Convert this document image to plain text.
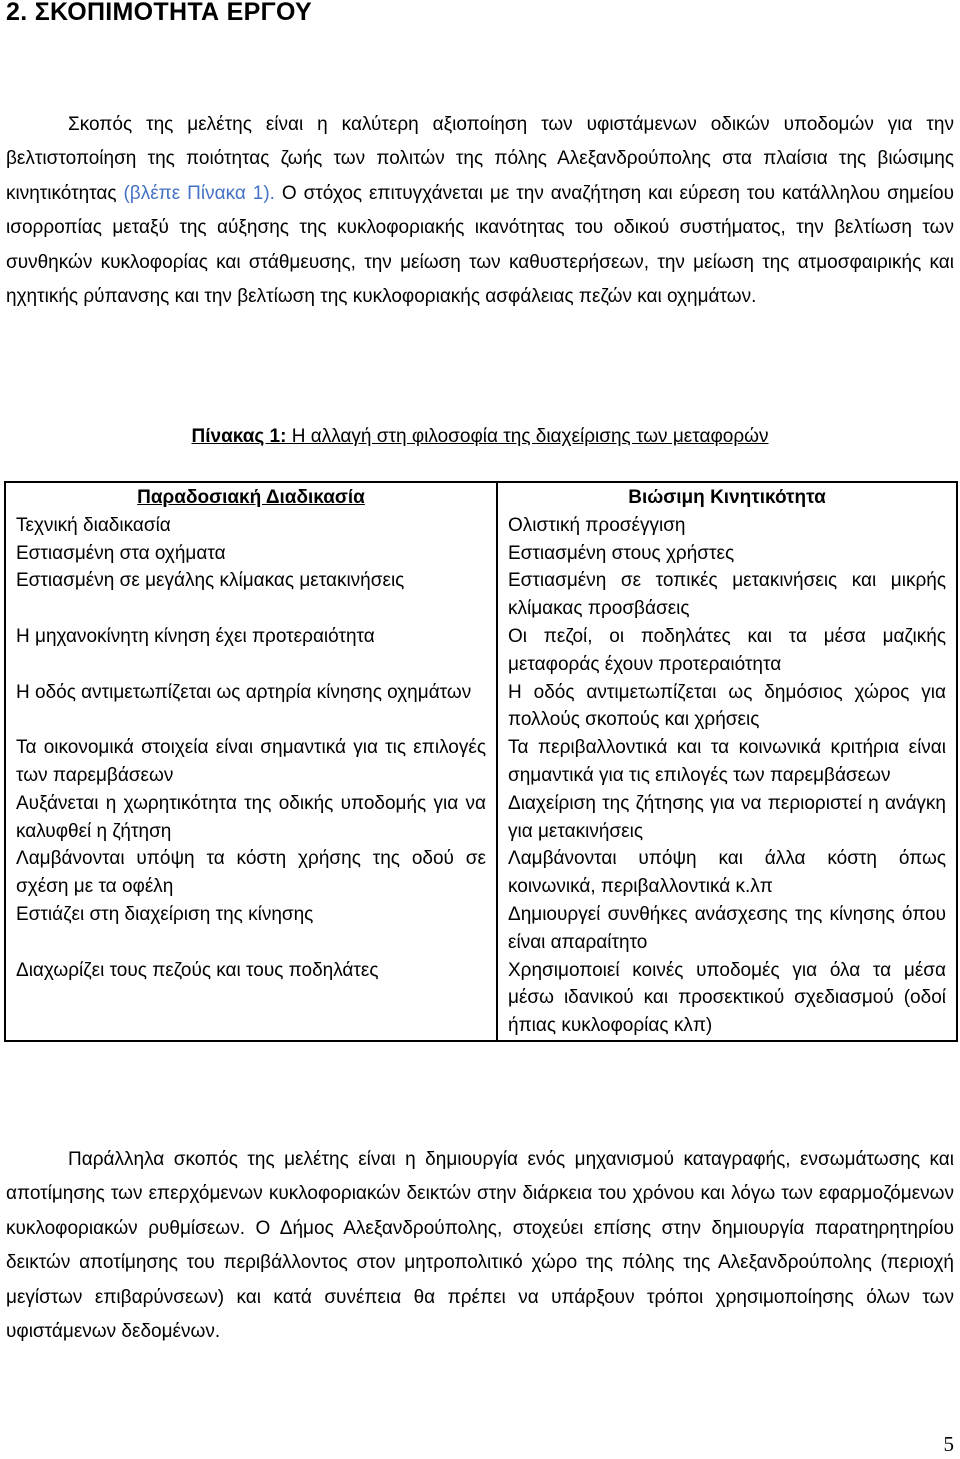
2. ΣΚΟΠΙΜΟΤΗΤΑ ΕΡΓΟΥ

Σκοπός της μελέτης είναι η καλύτερη αξιοποίηση των υφιστάμενων οδικών υποδομών για την βελτιστοποίηση της ποιότητας ζωής των πολιτών της πόλης Αλεξανδρούπολης στα πλαίσια της βιώσιμης κινητικότητας (βλέπε Πίνακα 1). Ο στόχος επιτυγχάνεται με την αναζήτηση και εύρεση του κατάλληλου σημείου ισορροπίας μεταξύ της αύξησης της κυκλοφοριακής ικανότητας του οδικού συστήματος, την βελτίωση των συνθηκών κυκλοφορίας και στάθμευσης, την μείωση των καθυστερήσεων, την μείωση της ατμοσφαιρικής και ηχητικής ρύπανσης και την βελτίωση της κυκλοφοριακής ασφάλειας πεζών και οχημάτων.

Πίνακας 1: Η αλλαγή στη φιλοσοφία της διαχείρισης των μεταφορών

Παραδοσιακή Διαδικασία	Βιώσιμη Κινητικότητα
Τεχνική διαδικασία	Ολιστική προσέγγιση
Εστιασμένη στα οχήματα	Εστιασμένη στους χρήστες
Εστιασμένη σε μεγάλης κλίμακας μετακινήσεις	Εστιασμένη σε τοπικές μετακινήσεις και μικρής κλίμακας προσβάσεις
Η μηχανοκίνητη κίνηση έχει προτεραιότητα	Οι πεζοί, οι ποδηλάτες και τα μέσα μαζικής μεταφοράς έχουν προτεραιότητα
Η οδός αντιμετωπίζεται ως αρτηρία κίνησης οχημάτων	Η οδός αντιμετωπίζεται ως δημόσιος χώρος για πολλούς σκοπούς και χρήσεις
Τα οικονομικά στοιχεία είναι σημαντικά για τις επιλογές των παρεμβάσεων	Τα περιβαλλοντικά και τα κοινωνικά κριτήρια είναι σημαντικά για τις επιλογές των παρεμβάσεων
Αυξάνεται η χωρητικότητα της οδικής υποδομής για να καλυφθεί η ζήτηση	Διαχείριση της ζήτησης για να περιοριστεί η ανάγκη για μετακινήσεις
Λαμβάνονται υπόψη τα κόστη χρήσης της οδού σε σχέση με τα οφέλη	Λαμβάνονται υπόψη και άλλα κόστη όπως κοινωνικά, περιβαλλοντικά κ.λπ
Εστιάζει στη διαχείριση της κίνησης	Δημιουργεί συνθήκες ανάσχεσης της κίνησης όπου είναι απαραίτητο
Διαχωρίζει τους πεζούς και τους ποδηλάτες	Χρησιμοποιεί κοινές υποδομές για όλα τα μέσα μέσω ιδανικού και προσεκτικού σχεδιασμού (οδοί ήπιας κυκλοφορίας κλπ)

Παράλληλα σκοπός της μελέτης είναι η δημιουργία ενός μηχανισμού καταγραφής, ενσωμάτωσης και αποτίμησης των επερχόμενων κυκλοφοριακών δεικτών στην διάρκεια του χρόνου και λόγω των εφαρμοζόμενων κυκλοφοριακών ρυθμίσεων. Ο Δήμος Αλεξανδρούπολης, στοχεύει επίσης στην δημιουργία παρατηρητηρίου δεικτών αποτίμησης του περιβάλλοντος στον μητροπολιτικό χώρο της πόλης της Αλεξανδρούπολης (περιοχή μεγίστων επιβαρύνσεων) και κατά συνέπεια θα πρέπει να υπάρξουν τρόποι χρησιμοποίησης όλων των υφιστάμενων δεδομένων.

5
